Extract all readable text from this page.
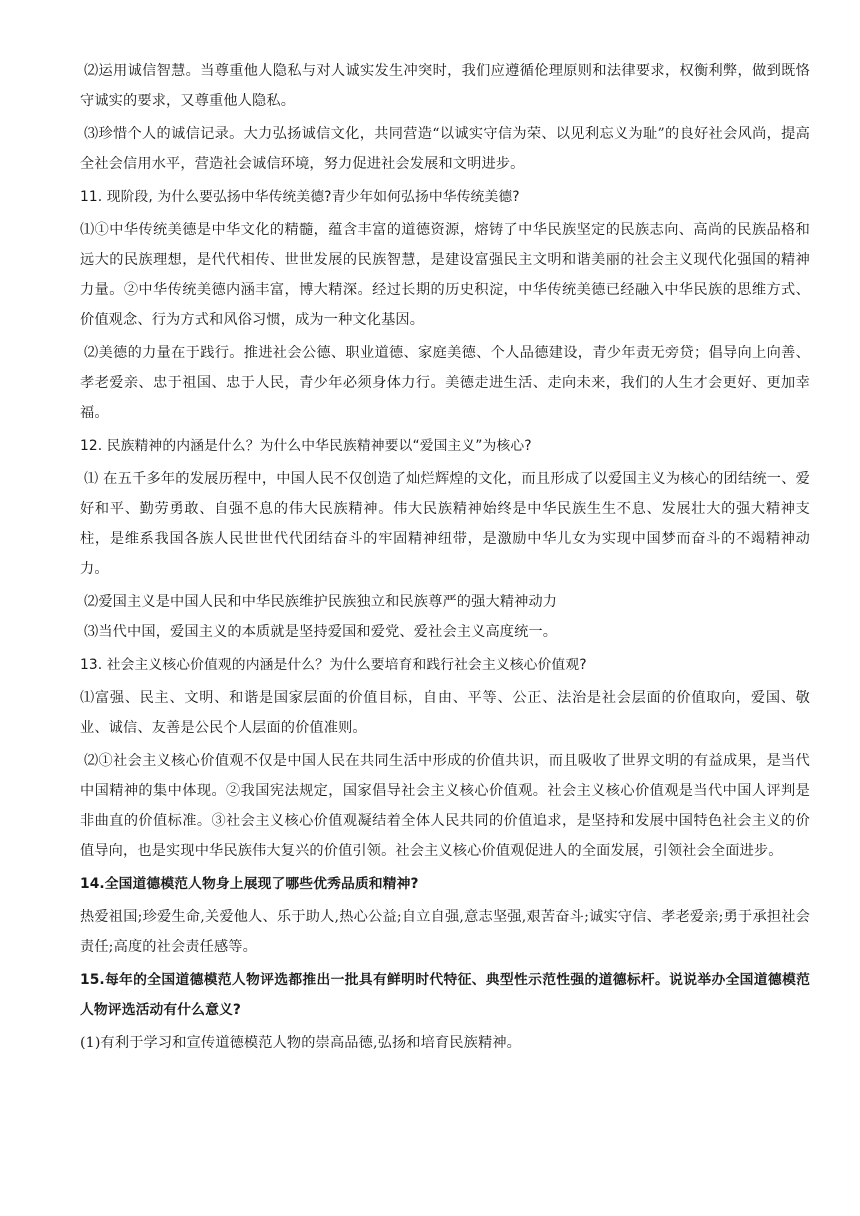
⑵运用诚信智慧。当尊重他人隐私与对人诚实发生冲突时，我们应遵循伦理原则和法律要求，权衡利弊，做到既恪守诚实的要求，又尊重他人隐私。

⑶珍惜个人的诚信记录。大力弘扬诚信文化，共同营造“以诚实守信为荣、以见利忘义为耻”的良好社会风尚，提高全社会信用水平，营造社会诚信环境，努力促进社会发展和文明进步。

11. 现阶段, 为什么要弘扬中华传统美德?青少年如何弘扬中华传统美德?

⑴①中华传统美德是中华文化的精髓，蕴含丰富的道德资源，熔铸了中华民族坚定的民族志向、高尚的民族品格和远大的民族理想，是代代相传、世世发展的民族智慧，是建设富强民主文明和谐美丽的社会主义现代化强国的精神力量。②中华传统美德内涵丰富，博大精深。经过长期的历史积淀，中华传统美德已经融入中华民族的思维方式、价值观念、行为方式和风俗习惯，成为一种文化基因。

⑵美德的力量在于践行。推进社会公德、职业道德、家庭美德、个人品德建设，青少年责无旁贷；倡导向上向善、孝老爱亲、忠于祖国、忠于人民，青少年必须身体力行。美德走进生活、走向未来，我们的人生才会更好、更加幸福。

12. 民族精神的内涵是什么？为什么中华民族精神要以“爱国主义”为核心?

⑴ 在五千多年的发展历程中，中国人民不仅创造了灿烂辉煌的文化，而且形成了以爱国主义为核心的团结统一、爱好和平、勤劳勇敢、自强不息的伟大民族精神。伟大民族精神始终是中华民族生生不息、发展壮大的强大精神支柱，是维系我国各族人民世世代代团结奋斗的牢固精神纽带，是激励中华儿女为实现中国梦而奋斗的不竭精神动力。

⑵爱国主义是中国人民和中华民族维护民族独立和民族尊严的强大精神动力

⑶当代中国，爱国主义的本质就是坚持爱国和爱党、爱社会主义高度统一。

13. 社会主义核心价值观的内涵是什么？为什么要培育和践行社会主义核心价值观?

⑴富强、民主、文明、和谐是国家层面的价值目标，自由、平等、公正、法治是社会层面的价值取向，爱国、敬业、诚信、友善是公民个人层面的价值准则。

⑵①社会主义核心价值观不仅是中国人民在共同生活中形成的价值共识，而且吸收了世界文明的有益成果，是当代中国精神的集中体现。②我国宪法规定，国家倡导社会主义核心价值观。社会主义核心价值观是当代中国人评判是非曲直的价值标准。③社会主义核心价值观凝结着全体人民共同的价值追求，是坚持和发展中国特色社会主义的价值导向，也是实现中华民族伟大复兴的价值引领。社会主义核心价值观促进人的全面发展，引领社会全面进步。

14.全国道德模范人物身上展现了哪些优秀品质和精神?

热爱祖国;珍爱生命,关爱他人、乐于助人,热心公益;自立自强,意志坚强,艰苦奋斗;诚实守信、孝老爱亲;勇于承担社会责任;高度的社会责任感等。

15.每年的全国道德模范人物评选都推出一批具有鲜明时代特征、典型性示范性强的道德标杆。说说举办全国道德模范人物评选活动有什么意义?

(1)有利于学习和宣传道德模范人物的崇高品德,弘扬和培育民族精神。
